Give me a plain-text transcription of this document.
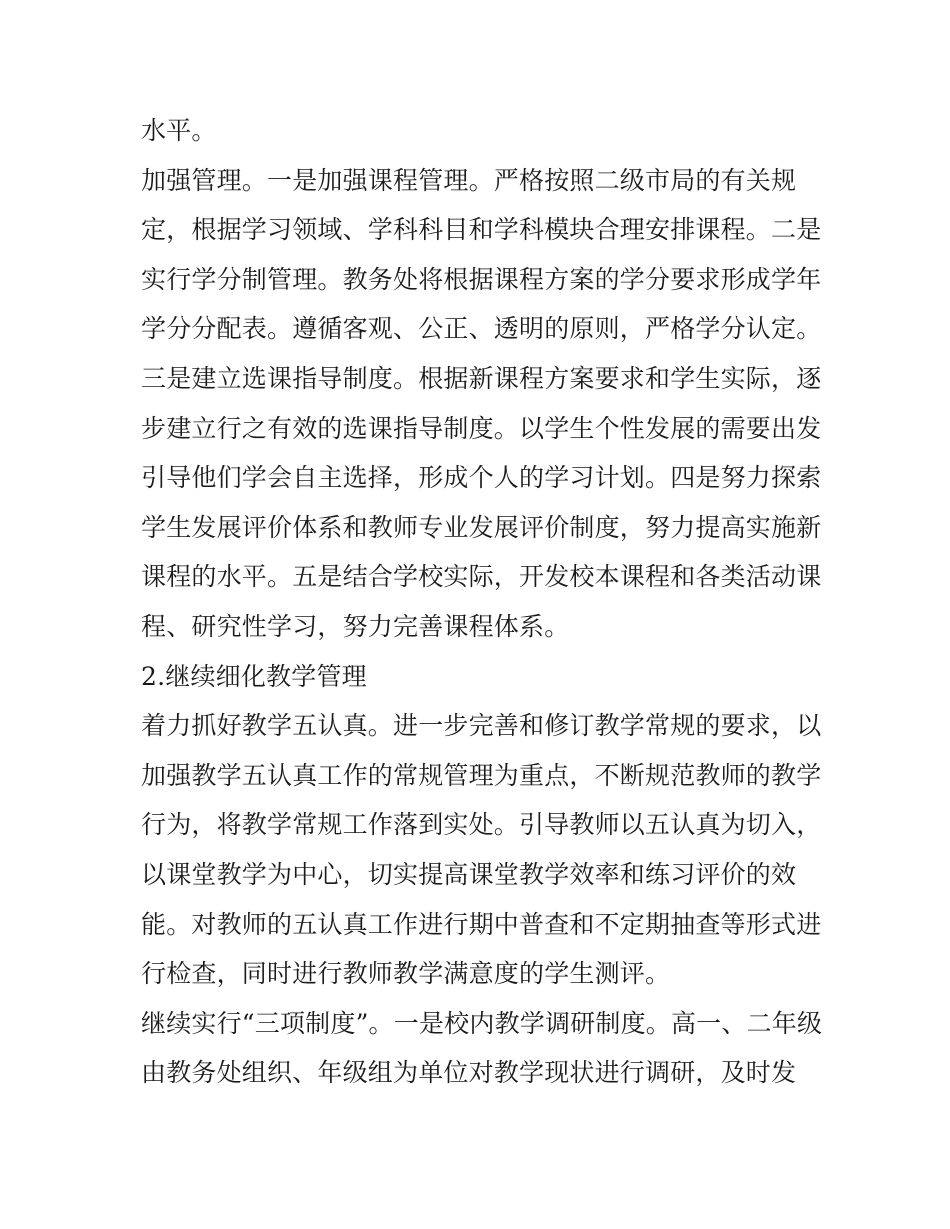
水平。
加强管理。一是加强课程管理。严格按照二级市局的有关规
定，根据学习领域、学科科目和学科模块合理安排课程。二是
实行学分制管理。教务处将根据课程方案的学分要求形成学年
学分分配表。遵循客观、公正、透明的原则，严格学分认定。
三是建立选课指导制度。根据新课程方案要求和学生实际，逐
步建立行之有效的选课指导制度。以学生个性发展的需要出发
引导他们学会自主选择，形成个人的学习计划。四是努力探索
学生发展评价体系和教师专业发展评价制度，努力提高实施新
课程的水平。五是结合学校实际，开发校本课程和各类活动课
程、研究性学习，努力完善课程体系。
2.继续细化教学管理
着力抓好教学五认真。进一步完善和修订教学常规的要求，以
加强教学五认真工作的常规管理为重点，不断规范教师的教学
行为，将教学常规工作落到实处。引导教师以五认真为切入，
以课堂教学为中心，切实提高课堂教学效率和练习评价的效
能。对教师的五认真工作进行期中普查和不定期抽查等形式进
行检查，同时进行教师教学满意度的学生测评。
继续实行“三项制度”。一是校内教学调研制度。高一、二年级
由教务处组织、年级组为单位对教学现状进行调研，及时发
